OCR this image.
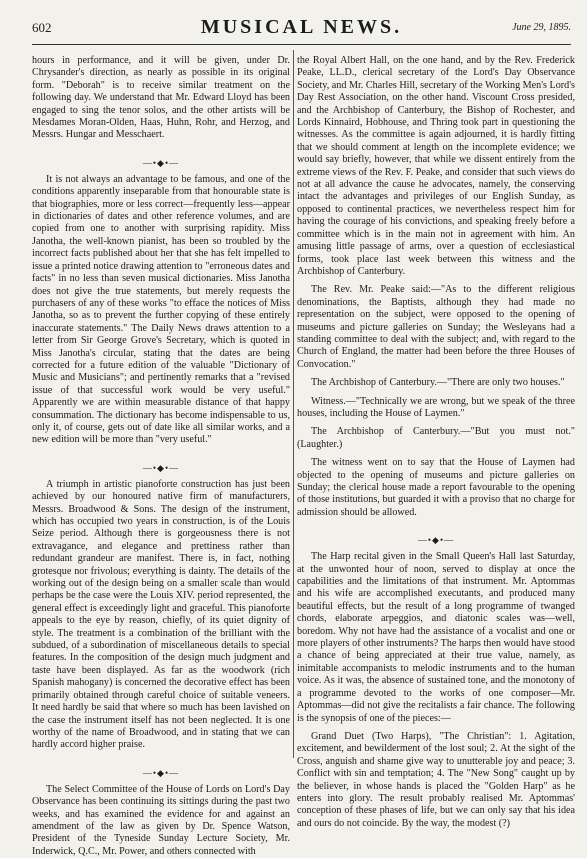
602	MUSICAL NEWS.	June 29, 1895.

hours in performance, and it will be given, under Dr. Chrysander's direction, as nearly as possible in its original form. "Deborah" is to receive similar treatment on the following day. We understand that Mr. Edward Lloyd has been engaged to sing the tenor solos, and the other artists will be Mesdames Moran-Olden, Haas, Huhn, Rohr, and Herzog, and Messrs. Hungar and Messchaert.

—•◆•—

It is not always an advantage to be famous, and one of the conditions apparently inseparable from that honourable state is that biographies, more or less correct—frequently less—appear in dictionaries of dates and other reference volumes, and are copied from one to another with surprising rapidity. Miss Janotha, the well-known pianist, has been so troubled by the incorrect facts published about her that she has felt impelled to issue a printed notice drawing attention to "erroneous dates and facts" in no less than seven musical dictionaries. Miss Janotha does not give the true statements, but merely requests the purchasers of any of these works "to efface the notices of Miss Janotha, so as to prevent the further copying of these entirely inaccurate statements." The Daily News draws attention to a letter from Sir George Grove's Secretary, which is quoted in Miss Janotha's circular, stating that the dates are being corrected for a future edition of the valuable "Dictionary of Music and Musicians"; and pertinently remarks that a "revised issue of that successful work would be very useful." Apparently we are within measurable distance of that happy consummation. The dictionary has become indispensable to us, only it, of course, gets out of date like all similar works, and a new edition will be more than "very useful."

—•◆•—

A triumph in artistic pianoforte construction has just been achieved by our honoured native firm of manufacturers, Messrs. Broadwood & Sons. The design of the instrument, which has occupied two years in construction, is of the Louis Seize period. Although there is gorgeousness there is not extravagance, and elegance and prettiness rather than redundant grandeur are manifest. There is, in fact, nothing grotesque nor frivolous; everything is dainty. The details of the working out of the design being on a smaller scale than would perhaps be the case were the Louis XIV. period represented, the general effect is exceedingly light and graceful. This pianoforte appeals to the eye by reason, chiefly, of its quiet dignity of style. The treatment is a combination of the brilliant with the subdued, of a subordination of miscellaneous details to special features. In the composition of the design much judgment and taste have been displayed. As far as the woodwork (rich Spanish mahogany) is concerned the decorative effect has been primarily obtained through careful choice of suitable veneers. It need hardly be said that where so much has been lavished on the case the instrument itself has not been neglected. It is one worthy of the name of Broadwood, and in stating that we can hardly accord higher praise.

—•◆•—

The Select Committee of the House of Lords on Lord's Day Observance has been continuing its sittings during the past two weeks, and has examined the evidence for and against an amendment of the law as given by Dr. Spence Watson, President of the Tyneside Sunday Lecture Society, Mr. Inderwick, Q.C., Mr. Power, and others connected with

the Royal Albert Hall, on the one hand, and by the Rev. Frederick Peake, LL.D., clerical secretary of the Lord's Day Observance Society, and Mr. Charles Hill, secretary of the Working Men's Lord's Day Rest Association, on the other hand. Viscount Cross presided, and the Archbishop of Canterbury, the Bishop of Rochester, and Lords Kinnaird, Hobhouse, and Thring took part in questioning the witnesses. As the committee is again adjourned, it is hardly fitting that we should comment at length on the incomplete evidence; we would say briefly, however, that while we dissent entirely from the extreme views of the Rev. F. Peake, and consider that such views do not at all advance the cause he advocates, namely, the conserving intact the advantages and privileges of our English Sunday, as opposed to continental practices, we nevertheless respect him for having the courage of his convictions, and speaking freely before a committee which is in the main not in agreement with him. An amusing little passage of arms, over a question of ecclesiastical forms, took place last week between this witness and the Archbishop of Canterbury.

The Rev. Mr. Peake said:—"As to the different religious denominations, the Baptists, although they had made no representation on the subject, were opposed to the opening of museums and picture galleries on Sunday; the Wesleyans had a standing committee to deal with the subject; and, with regard to the Church of England, the matter had been before the three Houses of Convocation."

The Archbishop of Canterbury.—"There are only two houses."

Witness.—"Technically we are wrong, but we speak of the three houses, including the House of Laymen."

The Archbishop of Canterbury.—"But you must not." (Laughter.)

The witness went on to say that the House of Laymen had objected to the opening of museums and picture galleries on Sunday; the clerical house made a report favourable to the opening of those institutions, but guarded it with a proviso that no charge for admission should be allowed.

—•◆•—

The Harp recital given in the Small Queen's Hall last Saturday, at the unwonted hour of noon, served to display at once the capabilities and the limitations of that instrument. Mr. Aptommas and his wife are accomplished executants, and produced many beautiful effects, but the result of a long programme of twanged chords, elaborate arpeggios, and diatonic scales was—well, boredom. Why not have had the assistance of a vocalist and one or more players of other instruments? The harps then would have stood a chance of being appreciated at their true value, namely, as inimitable accompanists to melodic instruments and to the human voice. As it was, the absence of sustained tone, and the monotony of a programme devoted to the works of one composer—Mr. Aptommas—did not give the recitalists a fair chance. The following is the synopsis of one of the pieces:—

Grand Duet (Two Harps), "The Christian": 1. Agitation, excitement, and bewilderment of the lost soul; 2. At the sight of the Cross, anguish and shame give way to unutterable joy and peace; 3. Conflict with sin and temptation; 4. The "New Song" caught up by the believer, in whose hands is placed the "Golden Harp" as he enters into glory. The result probably realised Mr. Aptommas' conception of these phases of life, but we can only say that his idea and ours do not coincide. By the way, the modest (?)
